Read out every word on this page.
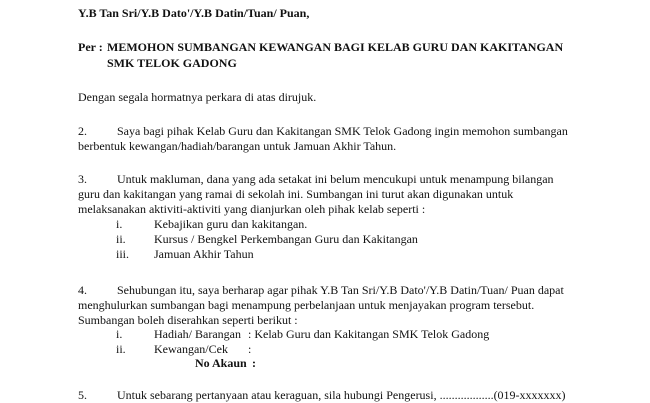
Y.B Tan Sri/Y.B Dato'/Y.B Datin/Tuan/ Puan,
Per : MEMOHON SUMBANGAN KEWANGAN BAGI KELAB GURU DAN KAKITANGAN
SMK TELOK GADONG
Dengan segala hormatnya perkara di atas dirujuk.
2.	Saya bagi pihak Kelab Guru dan Kakitangan SMK Telok Gadong ingin memohon sumbangan
berbentuk kewangan/hadiah/barangan untuk Jamuan Akhir Tahun.
3.	Untuk makluman, dana yang ada setakat ini belum mencukupi untuk menampung bilangan
guru dan kakitangan yang ramai di sekolah ini. Sumbangan ini turut akan digunakan untuk
melaksanakan aktiviti-aktiviti yang dianjurkan oleh pihak kelab seperti :
i.	Kebajikan guru dan kakitangan.
ii. Kursus / Bengkel Perkembangan Guru dan Kakitangan
iii. Jamuan Akhir Tahun
4.	Sehubungan itu, saya berharap agar pihak Y.B Tan Sri/Y.B Dato'/Y.B Datin/Tuan/ Puan dapat
menghulurkan sumbangan bagi menampung perbelanjaan untuk menjayakan program tersebut.
Sumbangan boleh diserahkan seperti berikut :
i.	Hadiah/ Barangan : Kelab Guru dan Kakitangan SMK Telok Gadong
ii. Kewangan/Cek :
No Akaun :
5.	Untuk sebarang pertanyaan atau keraguan, sila hubungi Pengerusi, ..................(019-xxxxxxx)
